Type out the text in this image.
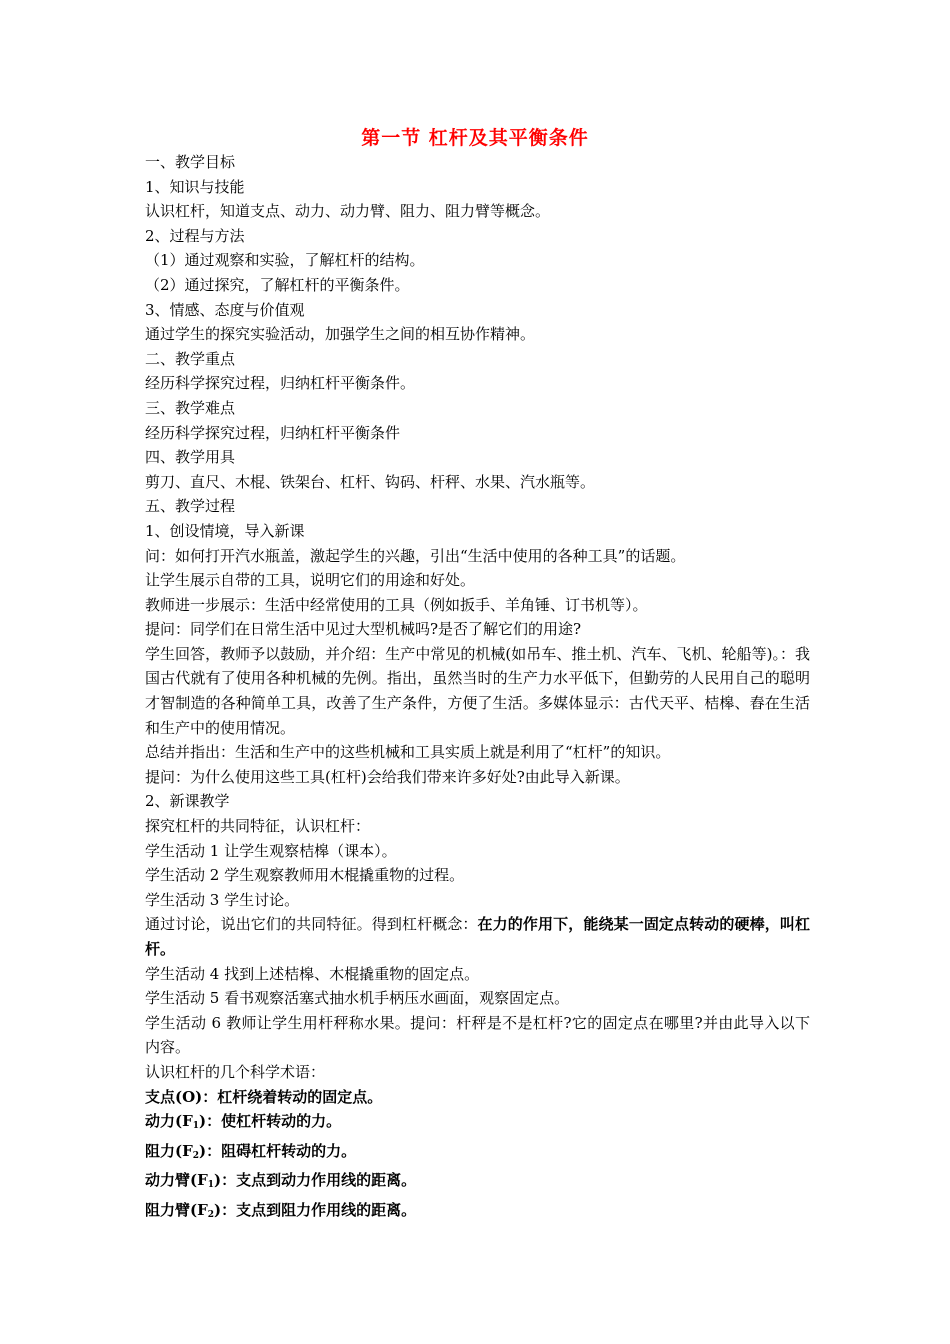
第一节 杠杆及其平衡条件

一、教学目标

1、知识与技能

认识杠杆，知道支点、动力、动力臂、阻力、阻力臂等概念。

2、过程与方法

（1）通过观察和实验，了解杠杆的结构。

（2）通过探究，了解杠杆的平衡条件。

3、情感、态度与价值观

通过学生的探究实验活动，加强学生之间的相互协作精神。

二、教学重点

经历科学探究过程，归纳杠杆平衡条件。

三、教学难点

经历科学探究过程，归纳杠杆平衡条件

四、教学用具

剪刀、直尺、木棍、铁架台、杠杆、钩码、杆秤、水果、汽水瓶等。

五、教学过程

1、创设情境，导入新课

问：如何打开汽水瓶盖，激起学生的兴趣，引出“生活中使用的各种工具”的话题。

让学生展示自带的工具，说明它们的用途和好处。

教师进一步展示：生活中经常使用的工具（例如扳手、羊角锤、订书机等）。

提问：同学们在日常生活中见过大型机械吗?是否了解它们的用途?

学生回答，教师予以鼓励，并介绍：生产中常见的机械(如吊车、推土机、汽车、飞机、轮船等)。：我国古代就有了使用各种机械的先例。指出，虽然当时的生产力水平低下，但勤劳的人民用自己的聪明才智制造的各种简单工具，改善了生产条件，方便了生活。多媒体显示：古代天平、桔槔、舂在生活和生产中的使用情况。

总结并指出：生活和生产中的这些机械和工具实质上就是利用了“杠杆”的知识。

提问：为什么使用这些工具(杠杆)会给我们带来许多好处?由此导入新课。

2、新课教学

探究杠杆的共同特征，认识杠杆：

学生活动 1 让学生观察桔槔（课本）。

学生活动 2 学生观察教师用木棍撬重物的过程。

学生活动 3 学生讨论。

通过讨论，说出它们的共同特征。得到杠杆概念：在力的作用下，能绕某一固定点转动的硬棒，叫杠杆。

学生活动 4 找到上述桔槔、木棍撬重物的固定点。

学生活动 5 看书观察活塞式抽水机手柄压水画面，观察固定点。

学生活动 6 教师让学生用杆秤称水果。提问：杆秤是不是杠杆?它的固定点在哪里?并由此导入以下内容。

认识杠杆的几个科学术语：

支点(O)：杠杆绕着转动的固定点。

动力$(F_1)$：使杠杆转动的力。

阻力$(F_2)$：阻碍杠杆转动的力。

动力臂$(F_1)$：支点到动力作用线的距离。

阻力臂$(F_2)$：支点到阻力作用线的距离。
